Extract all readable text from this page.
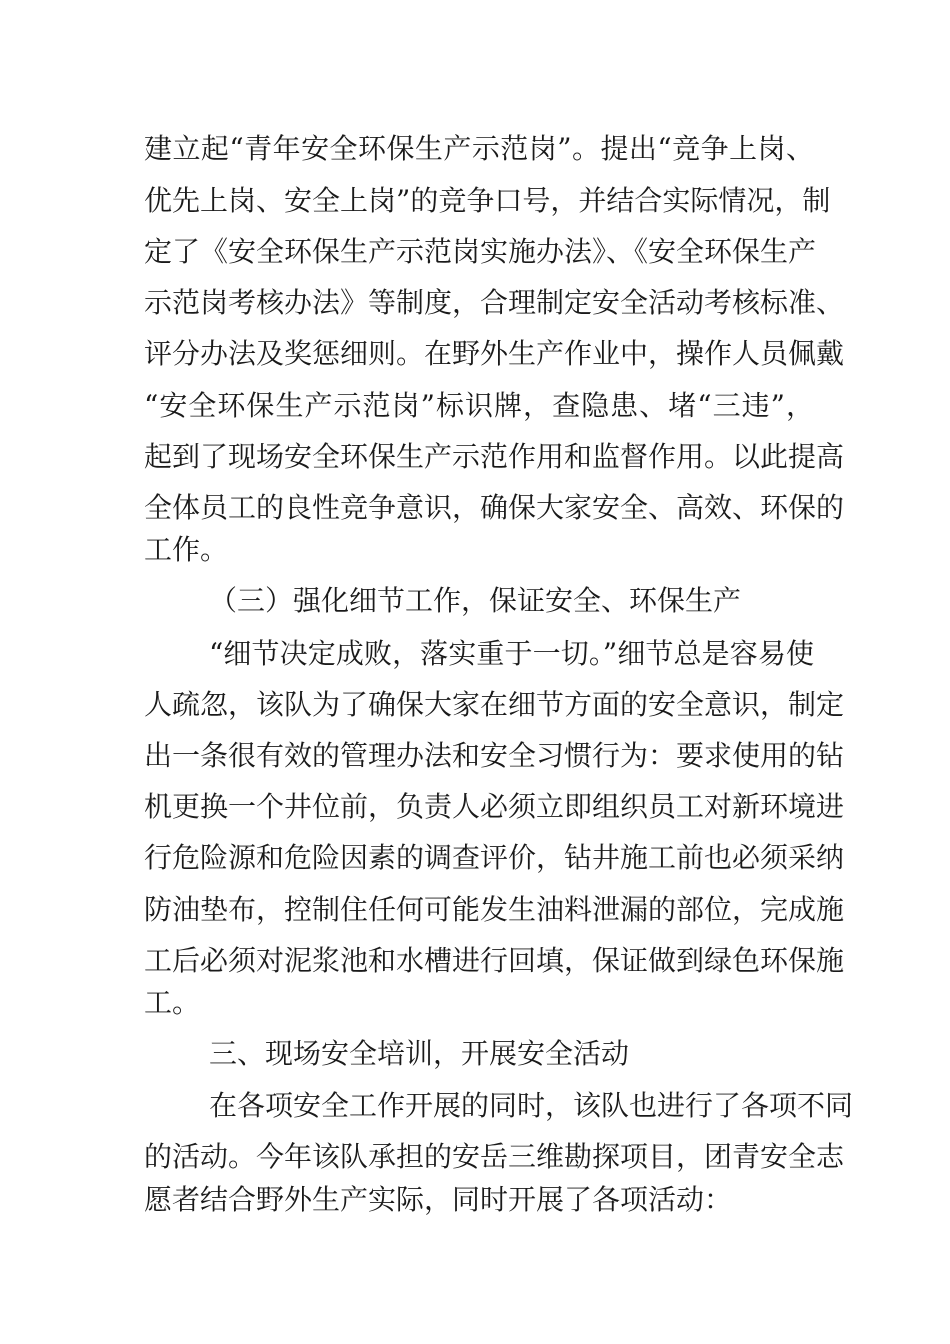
建立起“青年安全环保生产示范岗”。提出“竞争上岗、

优先上岗、安全上岗”的竞争口号，并结合实际情况，制

定了《安全环保生产示范岗实施办法》、《安全环保生产

示范岗考核办法》等制度，合理制定安全活动考核标准、

评分办法及奖惩细则。在野外生产作业中，操作人员佩戴

“安全环保生产示范岗”标识牌，查隐患、堵“三违”，

起到了现场安全环保生产示范作用和监督作用。以此提高

全体员工的良性竞争意识，确保大家安全、高效、环保的

工作。

（三）强化细节工作，保证安全、环保生产

“细节决定成败，落实重于一切。”细节总是容易使

人疏忽，该队为了确保大家在细节方面的安全意识，制定

出一条很有效的管理办法和安全习惯行为：要求使用的钻

机更换一个井位前，负责人必须立即组织员工对新环境进

行危险源和危险因素的调查评价，钻井施工前也必须采纳

防油垫布，控制住任何可能发生油料泄漏的部位，完成施

工后必须对泥浆池和水槽进行回填，保证做到绿色环保施

工。

三、现场安全培训，开展安全活动

在各项安全工作开展的同时，该队也进行了各项不同

的活动。今年该队承担的安岳三维勘探项目，团青安全志

愿者结合野外生产实际，同时开展了各项活动：
